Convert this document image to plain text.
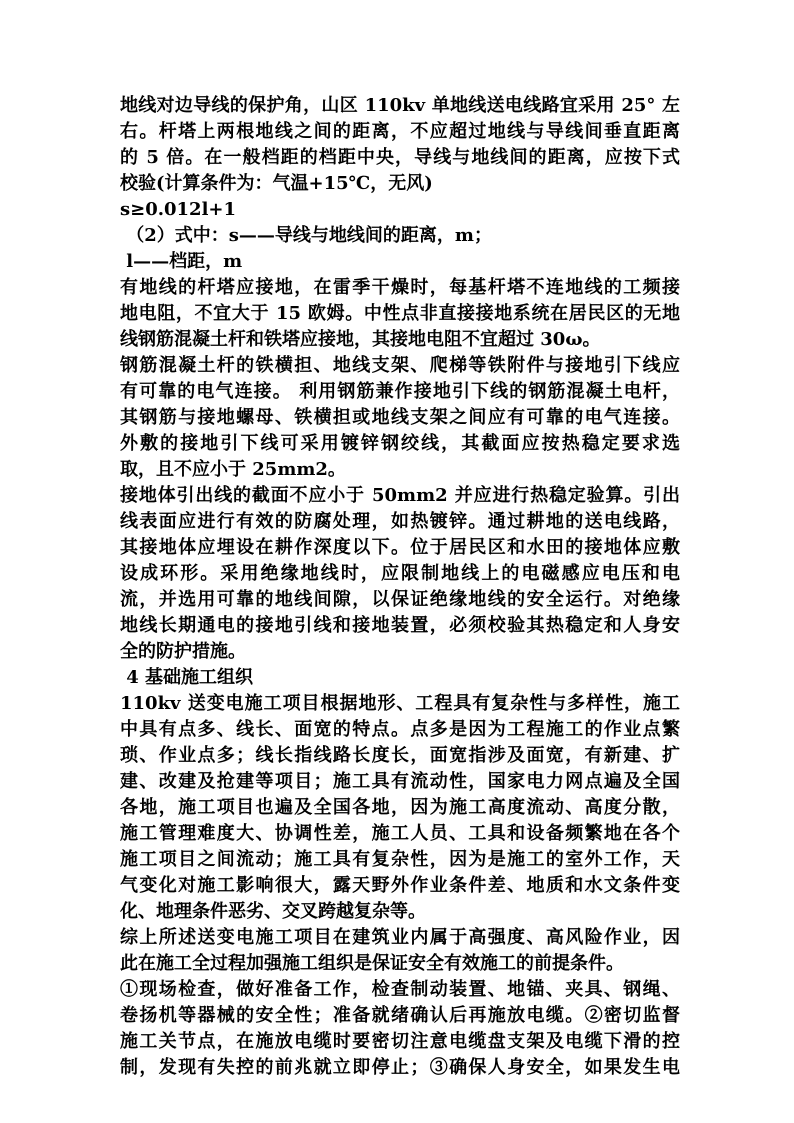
地线对边导线的保护角，山区 110kv 单地线送电线路宜采用 25° 左
右。杆塔上两根地线之间的距离，不应超过地线与导线间垂直距离
的 5 倍。在一般档距的档距中央，导线与地线间的距离，应按下式
校验(计算条件为：气温+15℃，无风)
s≥0.012l+1
（2）式中：s——导线与地线间的距离，m；
l——档距，m
有地线的杆塔应接地，在雷季干燥时，每基杆塔不连地线的工频接
地电阻，不宜大于 15 欧姆。中性点非直接接地系统在居民区的无地
线钢筋混凝土杆和铁塔应接地，其接地电阻不宜超过 30ω。
钢筋混凝土杆的铁横担、地线支架、爬梯等铁附件与接地引下线应
有可靠的电气连接。 利用钢筋兼作接地引下线的钢筋混凝土电杆，
其钢筋与接地螺母、铁横担或地线支架之间应有可靠的电气连接。
外敷的接地引下线可采用镀锌钢绞线，其截面应按热稳定要求选
取，且不应小于 25mm2。
接地体引出线的截面不应小于 50mm2 并应进行热稳定验算。引出
线表面应进行有效的防腐处理，如热镀锌。通过耕地的送电线路，
其接地体应埋设在耕作深度以下。位于居民区和水田的接地体应敷
设成环形。采用绝缘地线时，应限制地线上的电磁感应电压和电
流，并选用可靠的地线间隙，以保证绝缘地线的安全运行。对绝缘
地线长期通电的接地引线和接地装置，必须校验其热稳定和人身安
全的防护措施。
4 基础施工组织
110kv 送变电施工项目根据地形、工程具有复杂性与多样性，施工
中具有点多、线长、面宽的特点。点多是因为工程施工的作业点繁
琐、作业点多；线长指线路长度长，面宽指涉及面宽，有新建、扩
建、改建及抢建等项目；施工具有流动性，国家电力网点遍及全国
各地，施工项目也遍及全国各地，因为施工高度流动、高度分散，
施工管理难度大、协调性差，施工人员、工具和设备频繁地在各个
施工项目之间流动；施工具有复杂性，因为是施工的室外工作，天
气变化对施工影响很大，露天野外作业条件差、地质和水文条件变
化、地理条件恶劣、交叉跨越复杂等。
综上所述送变电施工项目在建筑业内属于高强度、高风险作业，因
此在施工全过程加强施工组织是保证安全有效施工的前提条件。
①现场检查，做好准备工作，检查制动装置、地锚、夹具、钢绳、
卷扬机等器械的安全性；准备就绪确认后再施放电缆。②密切监督
施工关节点，在施放电缆时要密切注意电缆盘支架及电缆下滑的控
制，发现有失控的前兆就立即停止；③确保人身安全，如果发生电
